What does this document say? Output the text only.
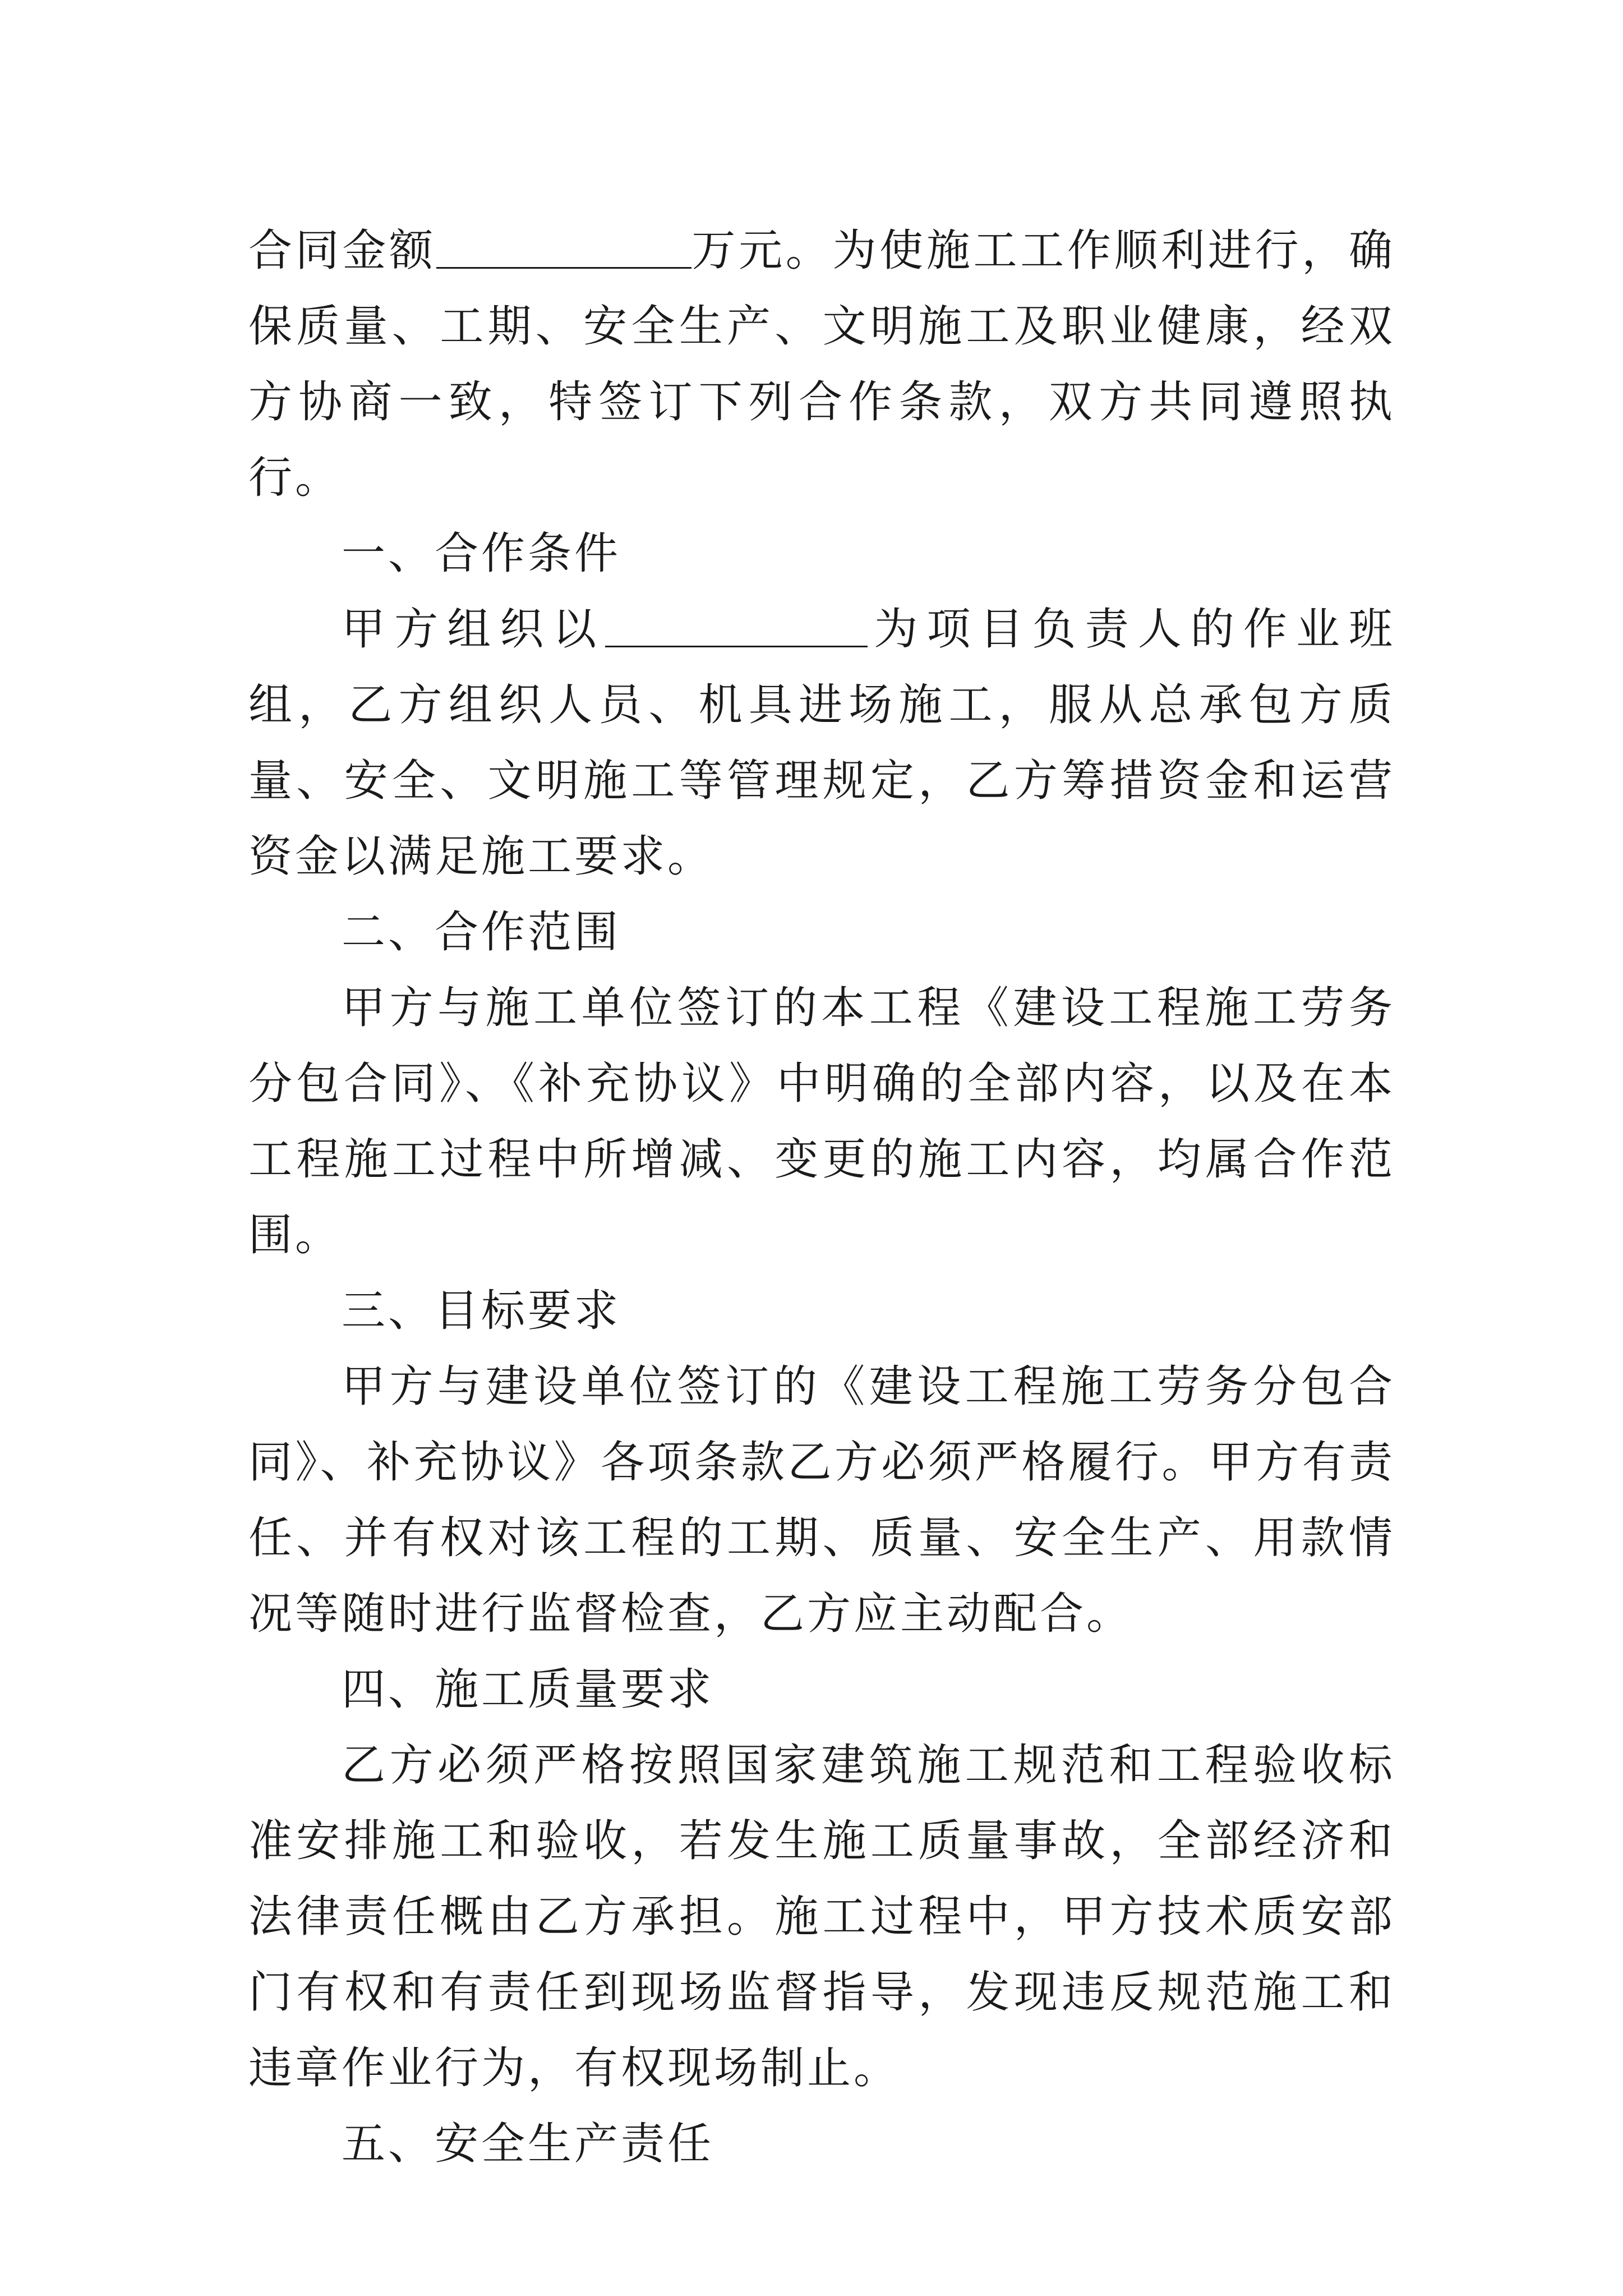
合同金额	万元。为使施工工作顺利进行，确保质量、工期、安全生产、文明施工及职业健康，经双方协商一致，特签订下列合作条款，双方共同遵照执行。

一、合作条件

甲方组织以	为项目负责人的作业班组，乙方组织人员、机具进场施工，服从总承包方质量、安全、文明施工等管理规定，乙方筹措资金和运营资金以满足施工要求。

二、合作范围

甲方与施工单位签订的本工程《建设工程施工劳务分包合同》、《补充协议》中明确的全部内容，以及在本工程施工过程中所增减、变更的施工内容，均属合作范围。

三、目标要求

甲方与建设单位签订的《建设工程施工劳务分包合同》、补充协议》各项条款乙方必须严格履行。甲方有责任、并有权对该工程的工期、质量、安全生产、用款情况等随时进行监督检查，乙方应主动配合。

四、施工质量要求

乙方必须严格按照国家建筑施工规范和工程验收标准安排施工和验收，若发生施工质量事故，全部经济和法律责任概由乙方承担。施工过程中，甲方技术质安部门有权和有责任到现场监督指导，发现违反规范施工和违章作业行为，有权现场制止。

五、安全生产责任
